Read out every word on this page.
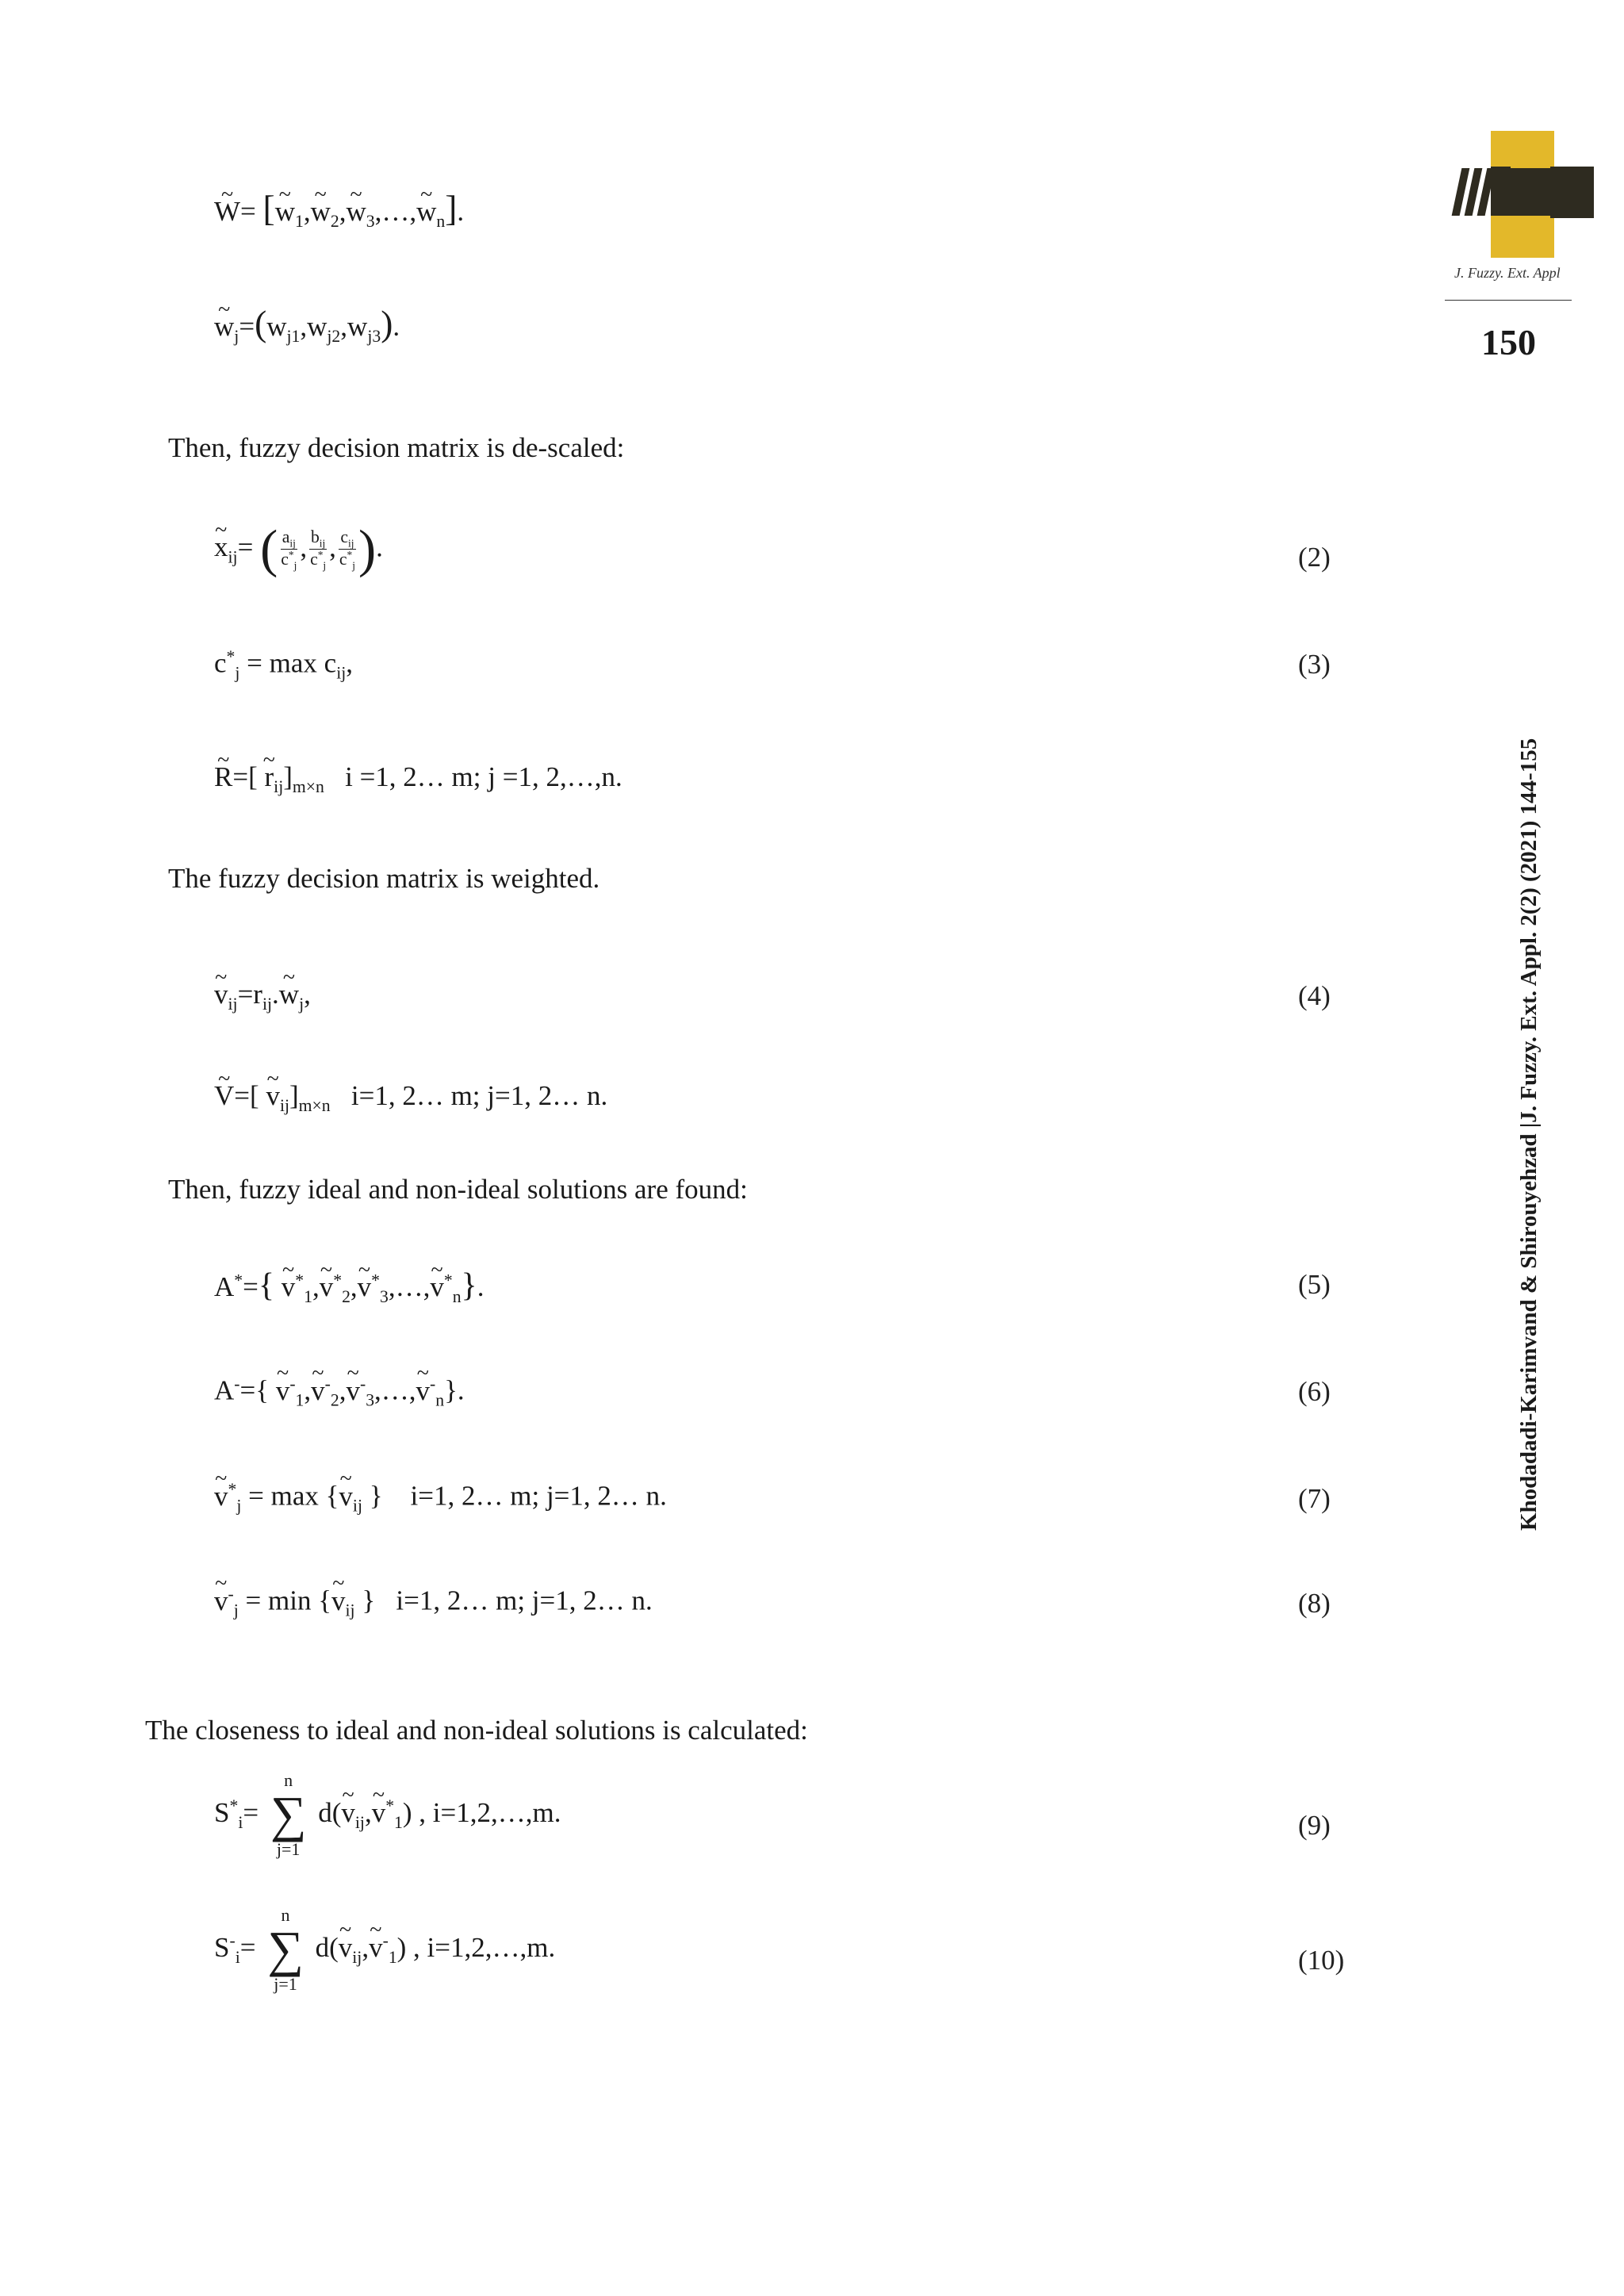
J. Fuzzy. Ext. Appl
150
Khodadadi-Karimvand & Shirouyehzad |J. Fuzzy. Ext. Appl. 2(2) (2021) 144-155
~ W= [~ $w_1,\sim$ $w_2,\sim$ $w_3,\dots,\sim$ $w_n$].
~ $w_j=(w_{j1},w_{j2},w_{j3})$.
Then, fuzzy decision matrix is de-scaled:
~ $x_{ij}=$ ( $\frac{a_{ij}}{c^*_j}$ , $\frac{b_{ij}}{c^*_j}$ , $\frac{c_{ij}}{c^*_j}$ ).	(2)
$c^*_j = \max c_{ij}$,	(3)
~ R=[ ~ $r_{ij}]_{m\times n}$   i =1, 2… m; j =1, 2,…,n.
The fuzzy decision matrix is weighted.
~ $v_{ij}=r_{ij}.\sim$ $w_j$,	(4)
~ V=[ ~ $v_{ij}]_{m\times n}$   i=1, 2… m; j=1, 2… n.
Then, fuzzy ideal and non-ideal solutions are found:
A*={ ~ $v^*_1,\sim$ $v^*_2,\sim$ $v^*_3,\dots,\sim$ $v^*_n$}.	(5)
A-={ ~ $v^-_1,\sim$ $v^-_2,\sim$ $v^-_3,\dots,\sim$ $v^-_n$}.	(6)
~ $v^*_j = \max$ {~ $v_{ij}$ }    i=1, 2… m; j=1, 2… n.	(7)
~ $v^-_j = \min$ {~ $v_{ij}$ }   i=1, 2… m; j=1, 2… n.	(8)
The closeness to ideal and non-ideal solutions is calculated:
$S^*_i=$
n
∑
j=1
d(~ $v_{ij},\sim$ $v^*_1$) , i=1,2,…,m.	(9)
$S^-_i=$
n
∑
j=1
d(~ $v_{ij},\sim$ $v^-_1$) , i=1,2,…,m.	(10)
